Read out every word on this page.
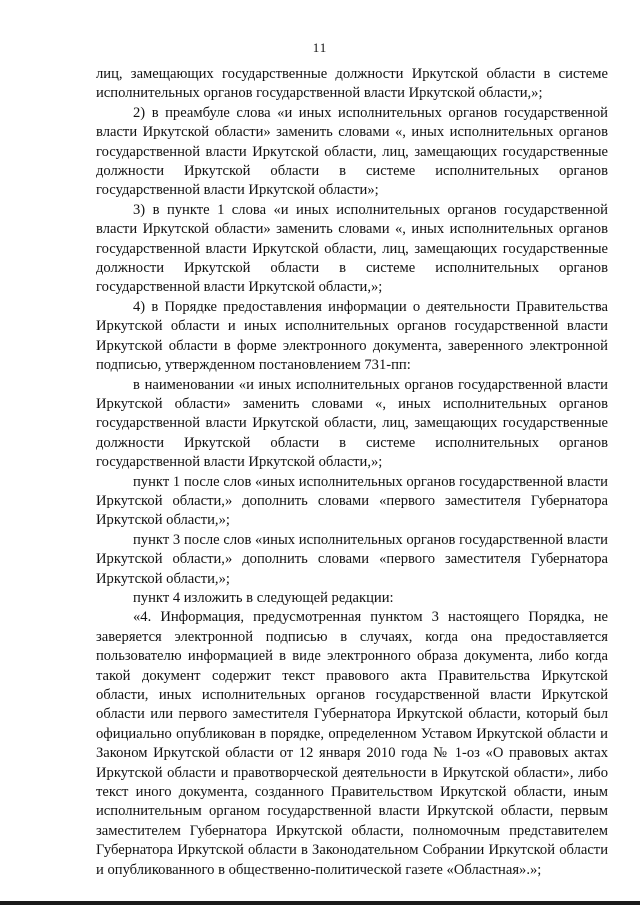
11

лиц, замещающих государственные должности Иркутской области в системе исполнительных органов государственной власти Иркутской области,»;

2) в преамбуле слова «и иных исполнительных органов государственной власти Иркутской области» заменить словами «, иных исполнительных органов государственной власти Иркутской области, лиц, замещающих государственные должности Иркутской области в системе исполнительных органов государственной власти Иркутской области»;

3) в пункте 1 слова «и иных исполнительных органов государственной власти Иркутской области» заменить словами «, иных исполнительных органов государственной власти Иркутской области, лиц, замещающих государственные должности Иркутской области в системе исполнительных органов государственной власти Иркутской области,»;

4) в Порядке предоставления информации о деятельности Правительства Иркутской области и иных исполнительных органов государственной власти Иркутской области в форме электронного документа, заверенного электронной подписью, утвержденном постановлением 731-пп:

в наименовании «и иных исполнительных органов государственной власти Иркутской области» заменить словами «, иных исполнительных органов государственной власти Иркутской области, лиц, замещающих государственные должности Иркутской области в системе исполнительных органов государственной власти Иркутской области,»;

пункт 1 после слов «иных исполнительных органов государственной власти Иркутской области,» дополнить словами «первого заместителя Губернатора Иркутской области,»;

пункт 3 после слов «иных исполнительных органов государственной власти Иркутской области,» дополнить словами «первого заместителя Губернатора Иркутской области,»;

пункт 4 изложить в следующей редакции:

«4. Информация, предусмотренная пунктом 3 настоящего Порядка, не заверяется электронной подписью в случаях, когда она предоставляется пользователю информацией в виде электронного образа документа, либо когда такой документ содержит текст правового акта Правительства Иркутской области, иных исполнительных органов государственной власти Иркутской области или первого заместителя Губернатора Иркутской области, который был официально опубликован в порядке, определенном Уставом Иркутской области и Законом Иркутской области от 12 января 2010 года № 1-оз «О правовых актах Иркутской области и правотворческой деятельности в Иркутской области», либо текст иного документа, созданного Правительством Иркутской области, иным исполнительным органом государственной власти Иркутской области, первым заместителем Губернатора Иркутской области, полномочным представителем Губернатора Иркутской области в Законодательном Собрании Иркутской области и опубликованного в общественно-политической газете «Областная».»;
